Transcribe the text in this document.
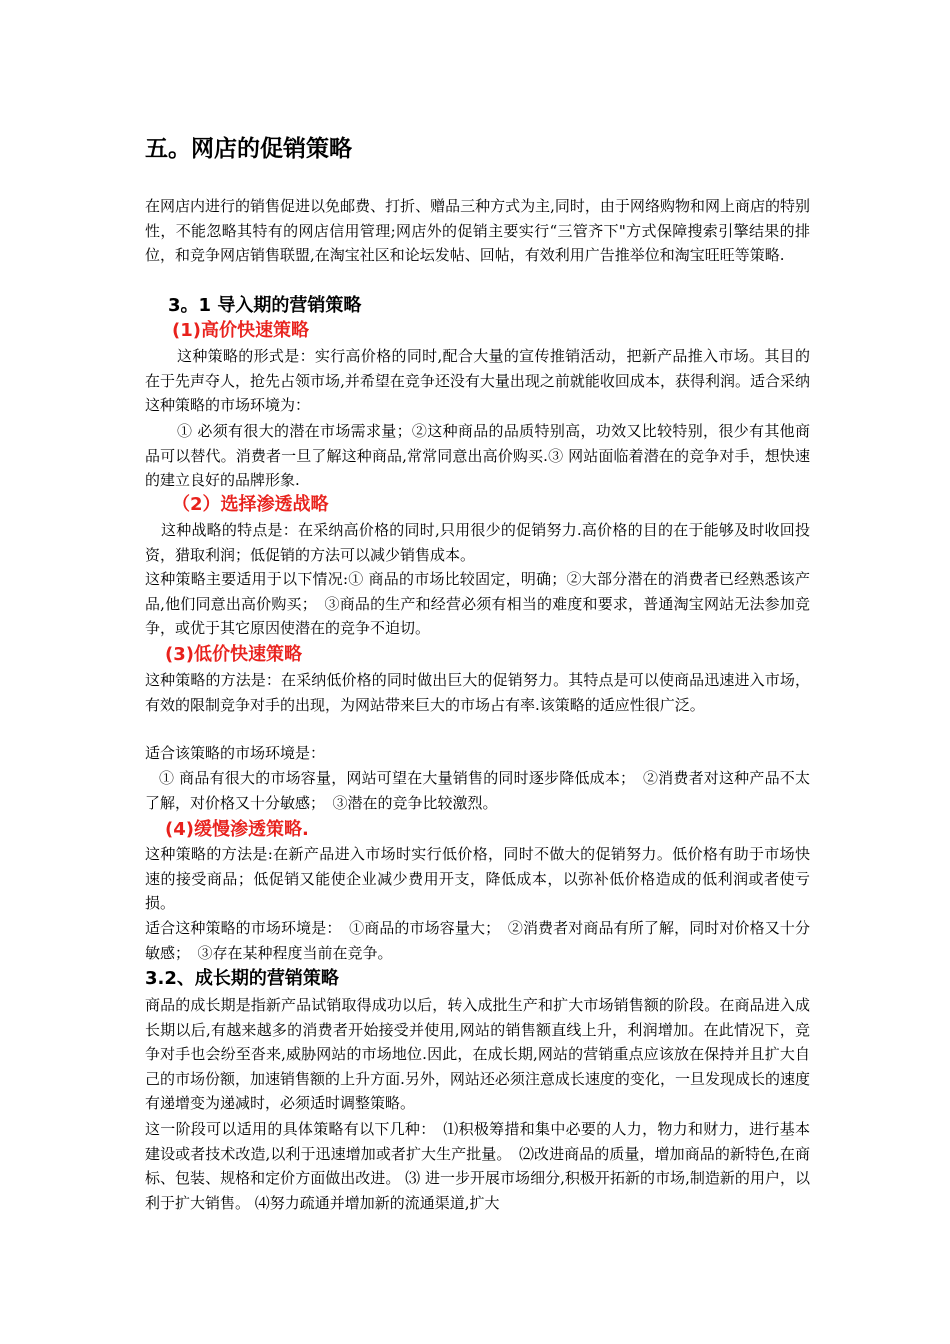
五。网店的促销策略
在网店内进行的销售促进以免邮费、打折、赠品三种方式为主,同时，由于网络购物和网上商店的特别性，不能忽略其特有的网店信用管理;网店外的促销主要实行“三管齐下"方式保障搜索引擎结果的排位，和竞争网店销售联盟,在淘宝社区和论坛发帖、回帖，有效利用广告推举位和淘宝旺旺等策略.
3。1 导入期的营销策略
(1)高价快速策略
这种策略的形式是：实行高价格的同时,配合大量的宣传推销活动，把新产品推入市场。其目的在于先声夺人，抢先占领市场,并希望在竞争还没有大量出现之前就能收回成本，获得利润。适合采纳这种策略的市场环境为：
① 必须有很大的潜在市场需求量；②这种商品的品质特别高，功效又比较特别，很少有其他商品可以替代。消费者一旦了解这种商品,常常同意出高价购买.③ 网站面临着潜在的竞争对手，想快速的建立良好的品牌形象.
（2）选择渗透战略
这种战略的特点是：在采纳高价格的同时,只用很少的促销努力.高价格的目的在于能够及时收回投资，猎取利润；低促销的方法可以减少销售成本。
这种策略主要适用于以下情况:① 商品的市场比较固定，明确；②大部分潜在的消费者已经熟悉该产品,他们同意出高价购买；　③商品的生产和经营必须有相当的难度和要求，普通淘宝网站无法参加竞争，或优于其它原因使潜在的竞争不迫切。
(3)低价快速策略
这种策略的方法是：在采纳低价格的同时做出巨大的促销努力。其特点是可以使商品迅速进入市场，有效的限制竞争对手的出现，为网站带来巨大的市场占有率.该策略的适应性很广泛。
适合该策略的市场环境是：
① 商品有很大的市场容量，网站可望在大量销售的同时逐步降低成本；　②消费者对这种产品不太了解，对价格又十分敏感；　③潜在的竞争比较激烈。
(4)缓慢渗透策略.
这种策略的方法是:在新产品进入市场时实行低价格，同时不做大的促销努力。低价格有助于市场快速的接受商品；低促销又能使企业减少费用开支，降低成本，以弥补低价格造成的低利润或者使亏损。
适合这种策略的市场环境是：　①商品的市场容量大；　②消费者对商品有所了解，同时对价格又十分敏感；　③存在某种程度当前在竞争。
3.2、成长期的营销策略
商品的成长期是指新产品试销取得成功以后，转入成批生产和扩大市场销售额的阶段。在商品进入成长期以后,有越来越多的消费者开始接受并使用,网站的销售额直线上升，利润增加。在此情况下，竞争对手也会纷至沓来,威胁网站的市场地位.因此，在成长期,网站的营销重点应该放在保持并且扩大自己的市场份额，加速销售额的上升方面.另外，网站还必须注意成长速度的变化，一旦发现成长的速度有递增变为递减时，必须适时调整策略。
这一阶段可以适用的具体策略有以下几种：　⑴积极筹措和集中必要的人力，物力和财力，进行基本建设或者技术改造,以利于迅速增加或者扩大生产批量。　⑵改进商品的质量，增加商品的新特色,在商标、包装、规格和定价方面做出改进。 ⑶ 进一步开展市场细分,积极开拓新的市场,制造新的用户，以利于扩大销售。 ⑷努力疏通并增加新的流通渠道,扩大
